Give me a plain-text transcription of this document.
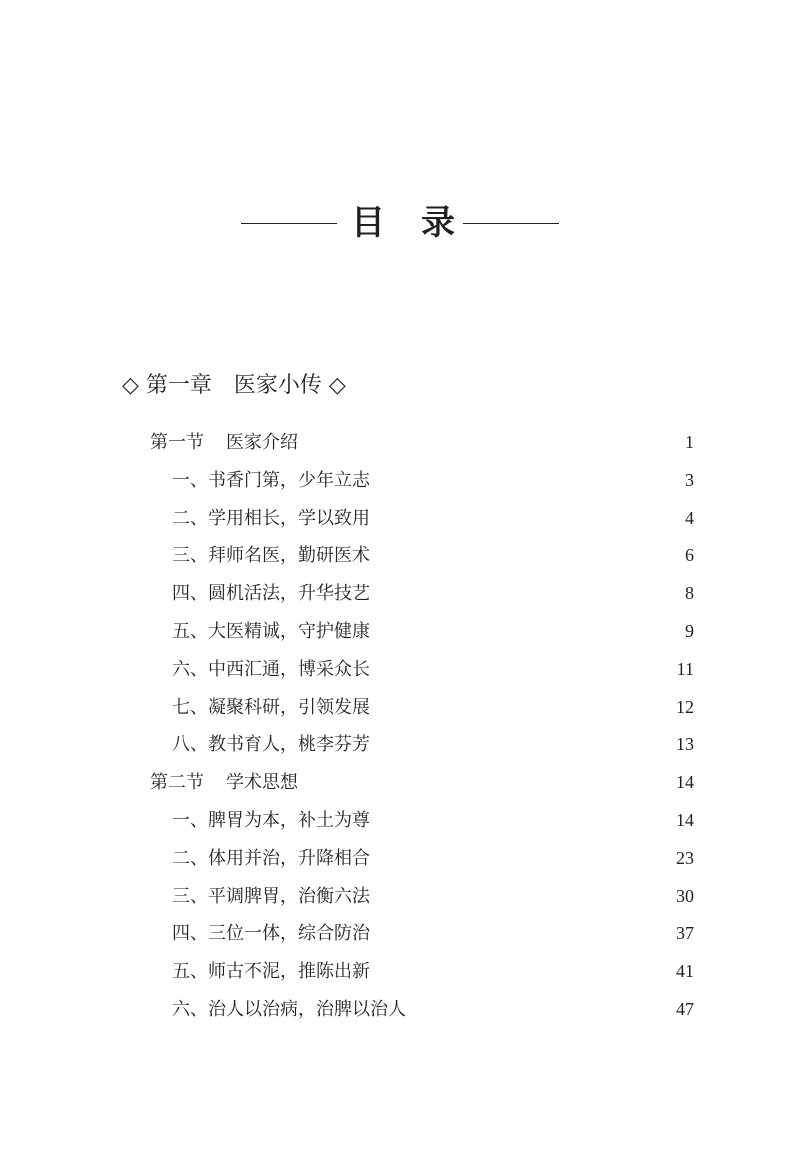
目录
◇ 第一章 医家小传 ◇
第一节 医家介绍	1
一、书香门第，少年立志	3
二、学用相长，学以致用	4
三、拜师名医，勤研医术	6
四、圆机活法，升华技艺	8
五、大医精诚，守护健康	9
六、中西汇通，博采众长	11
七、凝聚科研，引领发展	12
八、教书育人，桃李芬芳	13
第二节 学术思想	14
一、脾胃为本，补土为尊	14
二、体用并治，升降相合	23
三、平调脾胃，治衡六法	30
四、三位一体，综合防治	37
五、师古不泥，推陈出新	41
六、治人以治病，治脾以治人	47
